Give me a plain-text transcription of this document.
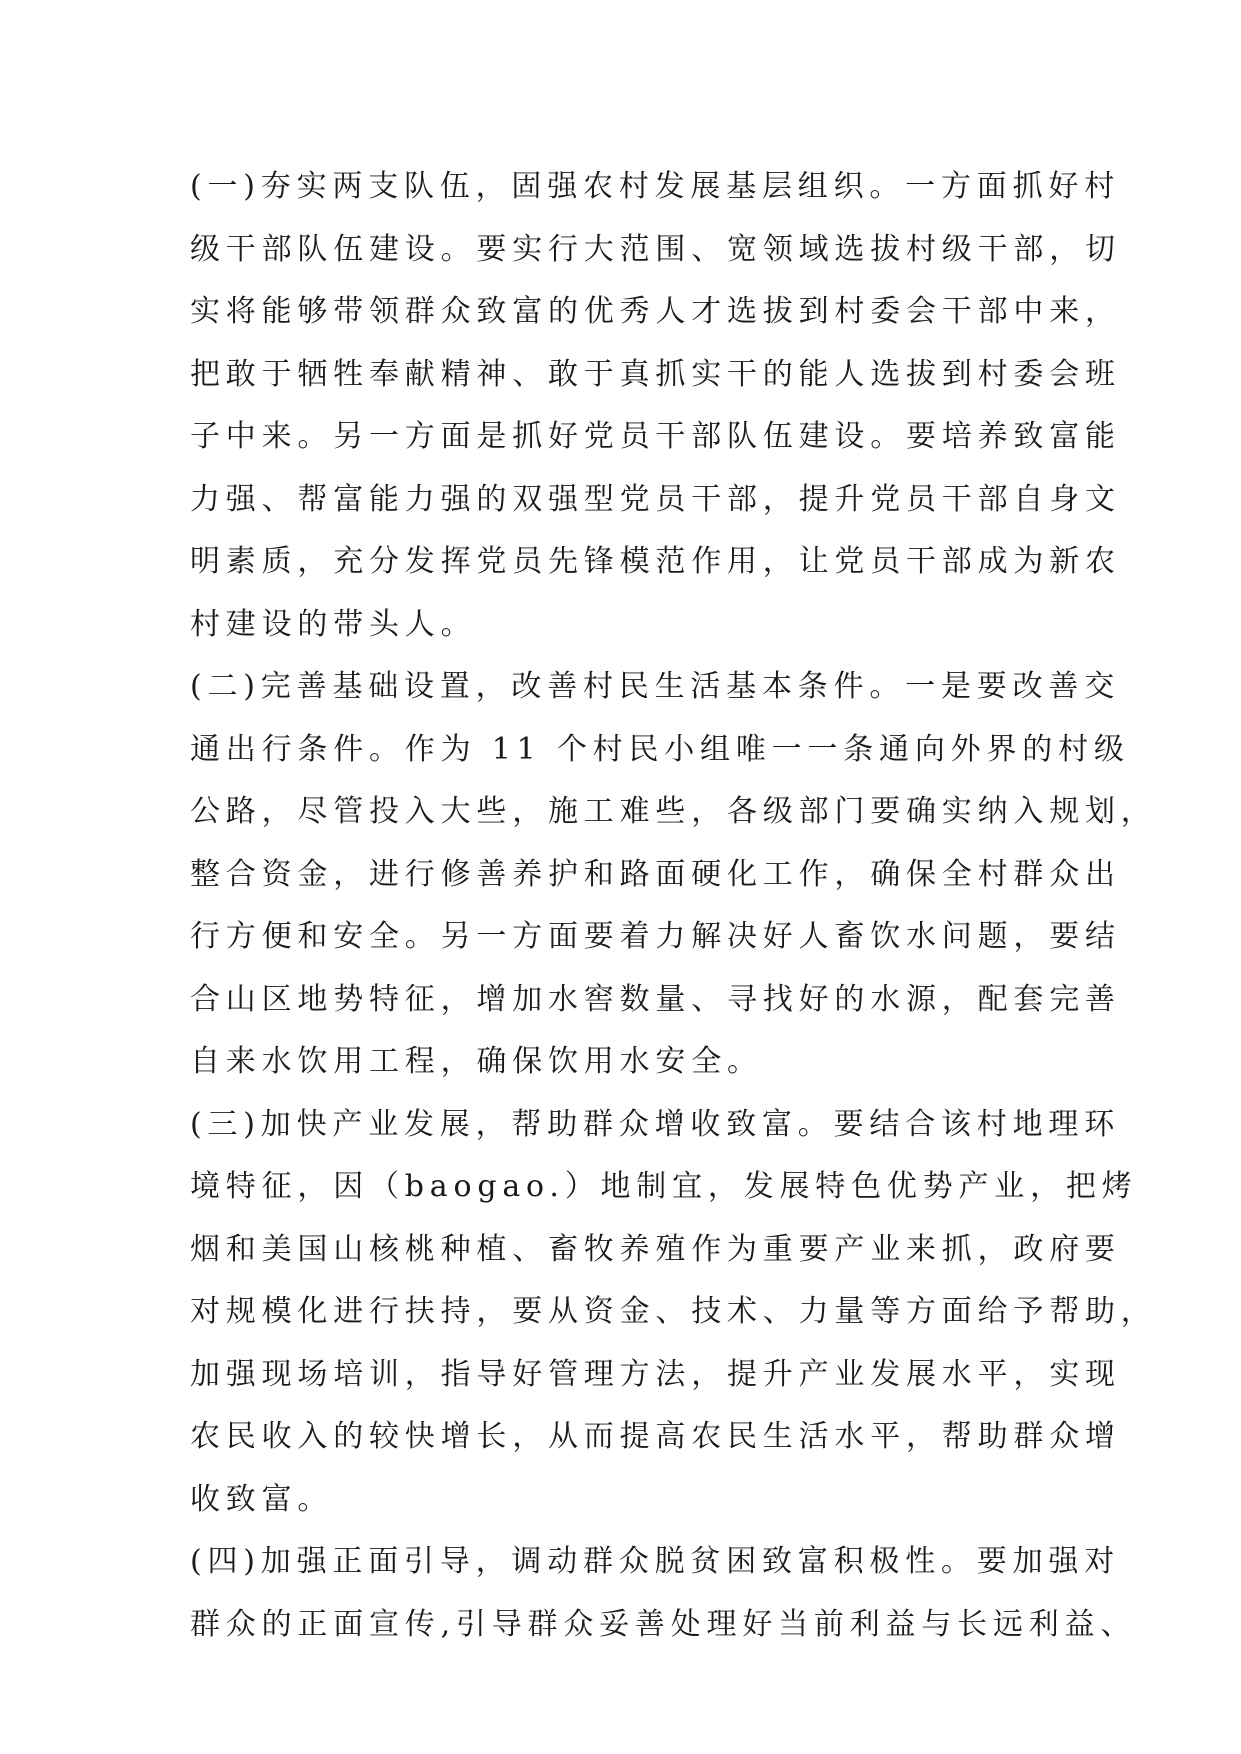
(一)夯实两支队伍，固强农村发展基层组织。一方面抓好村
级干部队伍建设。要实行大范围、宽领域选拔村级干部，切
实将能够带领群众致富的优秀人才选拔到村委会干部中来，
把敢于牺牲奉献精神、敢于真抓实干的能人选拔到村委会班
子中来。另一方面是抓好党员干部队伍建设。要培养致富能
力强、帮富能力强的双强型党员干部，提升党员干部自身文
明素质，充分发挥党员先锋模范作用，让党员干部成为新农
村建设的带头人。
(二)完善基础设置，改善村民生活基本条件。一是要改善交
通出行条件。作为 11 个村民小组唯一一条通向外界的村级
公路，尽管投入大些，施工难些，各级部门要确实纳入规划，
整合资金，进行修善养护和路面硬化工作，确保全村群众出
行方便和安全。另一方面要着力解决好人畜饮水问题，要结
合山区地势特征，增加水窖数量、寻找好的水源，配套完善
自来水饮用工程，确保饮用水安全。
(三)加快产业发展，帮助群众增收致富。要结合该村地理环
境特征，因（baogao.）地制宜，发展特色优势产业，把烤
烟和美国山核桃种植、畜牧养殖作为重要产业来抓，政府要
对规模化进行扶持，要从资金、技术、力量等方面给予帮助，
加强现场培训，指导好管理方法，提升产业发展水平，实现
农民收入的较快增长，从而提高农民生活水平，帮助群众增
收致富。
(四)加强正面引导，调动群众脱贫困致富积极性。要加强对
群众的正面宣传,引导群众妥善处理好当前利益与长远利益、
